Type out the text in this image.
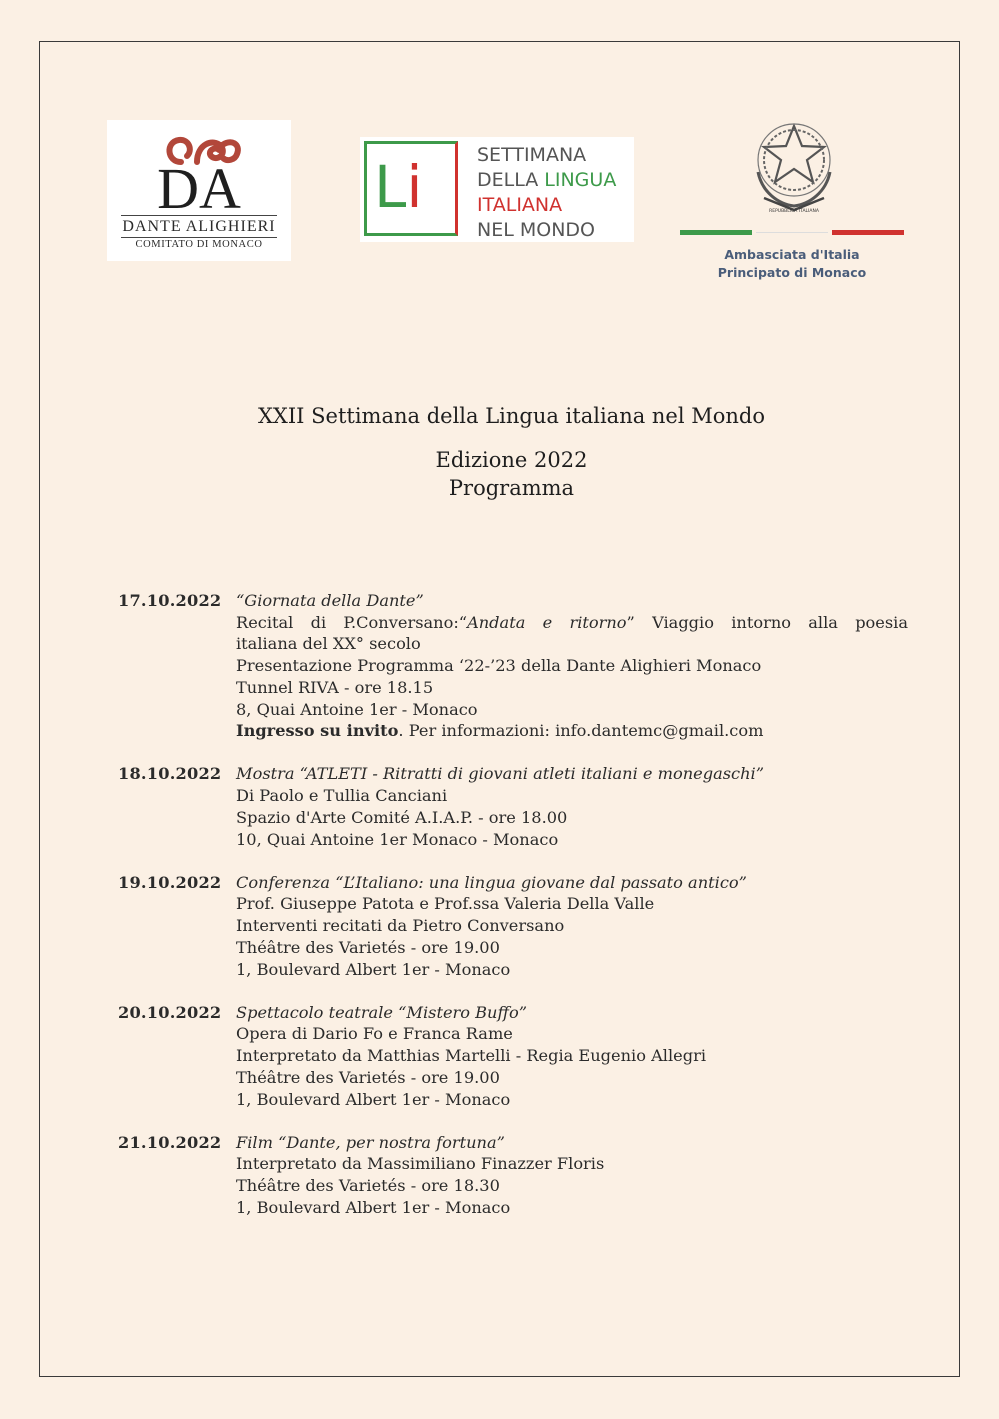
DA
DANTE ALIGHIERI
COMITATO DI MONACO
Li	SETTIMANA
DELLA LINGUA
ITALIANA
NEL MONDO
REPUBBLICA ITALIANA
Ambasciata d'Italia
Principato di Monaco
XXII Settimana della Lingua italiana nel Mondo
Edizione 2022
Programma
17.10.2022 “Giornata della Dante”
Recital di P.Conversano:“Andata e ritorno” Viaggio intorno alla poesia
italiana del XX° secolo
Presentazione Programma ‘22-’23 della Dante Alighieri Monaco
Tunnel RIVA - ore 18.15
8, Quai Antoine 1er - Monaco
Ingresso su invito. Per informazioni: info.dantemc@gmail.com
18.10.2022 Mostra “ATLETI - Ritratti di giovani atleti italiani e monegaschi”
Di Paolo e Tullia Canciani
Spazio d'Arte Comité A.I.A.P. - ore 18.00
10, Quai Antoine 1er Monaco - Monaco
19.10.2022 Conferenza “L’Italiano: una lingua giovane dal passato antico”
Prof. Giuseppe Patota e Prof.ssa Valeria Della Valle
Interventi recitati da Pietro Conversano
Théâtre des Varietés - ore 19.00
1, Boulevard Albert 1er - Monaco
20.10.2022 Spettacolo teatrale “Mistero Buffo”
Opera di Dario Fo e Franca Rame
Interpretato da Matthias Martelli - Regia Eugenio Allegri
Théâtre des Varietés - ore 19.00
1, Boulevard Albert 1er - Monaco
21.10.2022 Film “Dante, per nostra fortuna”
Interpretato da Massimiliano Finazzer Floris
Théâtre des Varietés - ore 18.30
1, Boulevard Albert 1er - Monaco
